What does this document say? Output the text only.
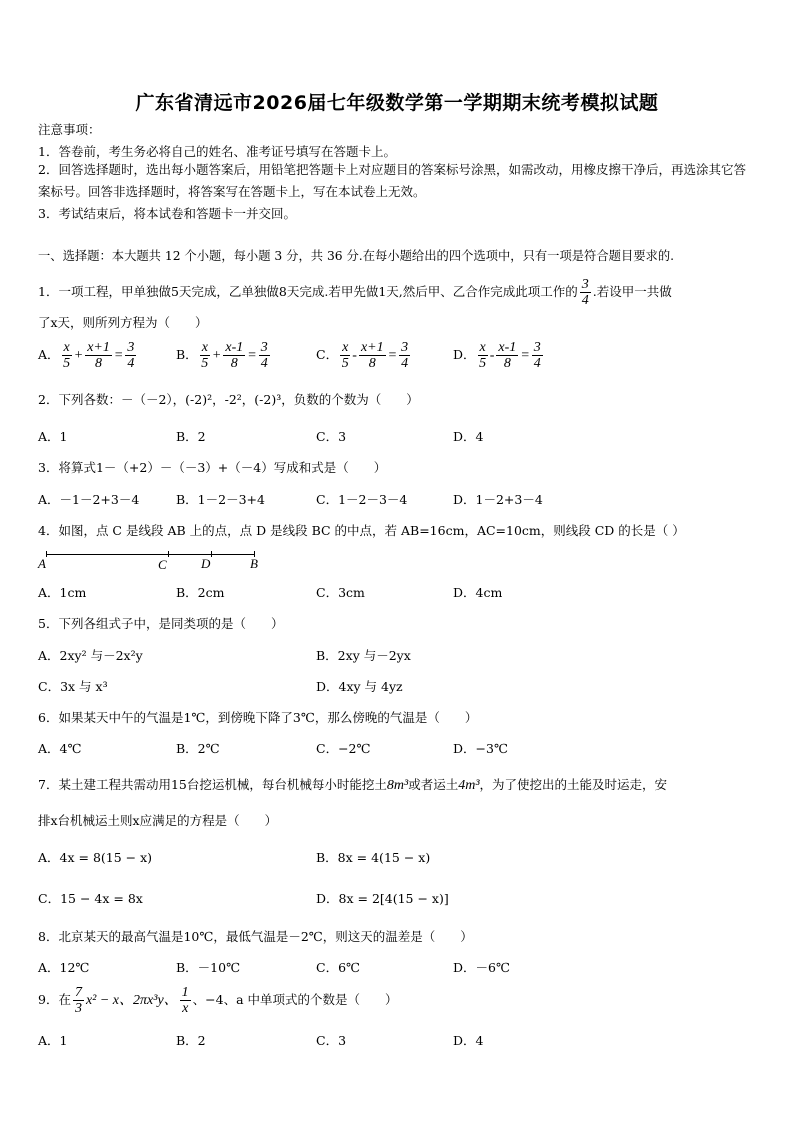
广东省清远市2026届七年级数学第一学期期末统考模拟试题
注意事项：
1．答卷前，考生务必将自己的姓名、准考证号填写在答题卡上。
2．回答选择题时，选出每小题答案后，用铅笔把答题卡上对应题目的答案标号涂黑，如需改动，用橡皮擦干净后，再选涂其它答案标号。回答非选择题时，将答案写在答题卡上，写在本试卷上无效。
3．考试结束后，将本试卷和答题卡一并交回。
一、选择题：本大题共 12 个小题，每小题 3 分，共 36 分.在每小题给出的四个选项中，只有一项是符合题目要求的.
1．一项工程，甲单独做5天完成，乙单独做8天完成.若甲先做1天,然后甲、乙合作完成此项工作的 $\frac{3}{4}$ .若设甲一共做
了x天，则所列方程为（　　）
A． $\frac{x}{5} + \frac{x+1}{8} = \frac{3}{4}$	B． $\frac{x}{5} + \frac{x-1}{8} = \frac{3}{4}$	C． $\frac{x}{5} - \frac{x+1}{8} = \frac{3}{4}$	D． $\frac{x}{5} - \frac{x-1}{8} = \frac{3}{4}$
2．下列各数：－（－2），(-2)²，-2²，(-2)³，负数的个数为（　　）
A．1	B．2	C．3	D．4
3．将算式1－（+2）－（－3）+（－4）写成和式是（　　）
A．－1－2+3－4	B．1－2－3+4	C．1－2－3－4	D．1－2+3－4
4．如图，点 C 是线段 AB 上的点，点 D 是线段 BC 的中点，若 AB=16cm，AC=10cm，则线段 CD 的长是（ ）
A	C	D	B
A．1cm	B．2cm	C．3cm	D．4cm
5．下列各组式子中，是同类项的是（　　）
A．2xy² 与－2x²y	B．2xy 与－2yx
C．3x 与 x³	D．4xy 与 4yz
6．如果某天中午的气温是1℃，到傍晚下降了3℃，那么傍晚的气温是（　　）
A．4℃	B．2℃	C．−2℃	D．−3℃
7．某土建工程共需动用15台挖运机械，每台机械每小时能挖土8m³或者运土4m³，为了使挖出的土能及时运走，安
排x台机械运土则x应满足的方程是（　　）
A．4x = 8(15 − x)	B．8x = 4(15 − x)
C．15 − 4x = 8x	D．8x = 2[4(15 − x)]
8．北京某天的最高气温是10℃，最低气温是－2℃，则这天的温差是（　　）
A．12℃	B．－10℃	C．6℃	D．－6℃
9．在 $\frac{7}{3} x^2 - x$、2πx³y、 $\frac{1}{x}$ 、−4、a 中单项式的个数是（　　）
A．1	B．2	C．3	D．4
